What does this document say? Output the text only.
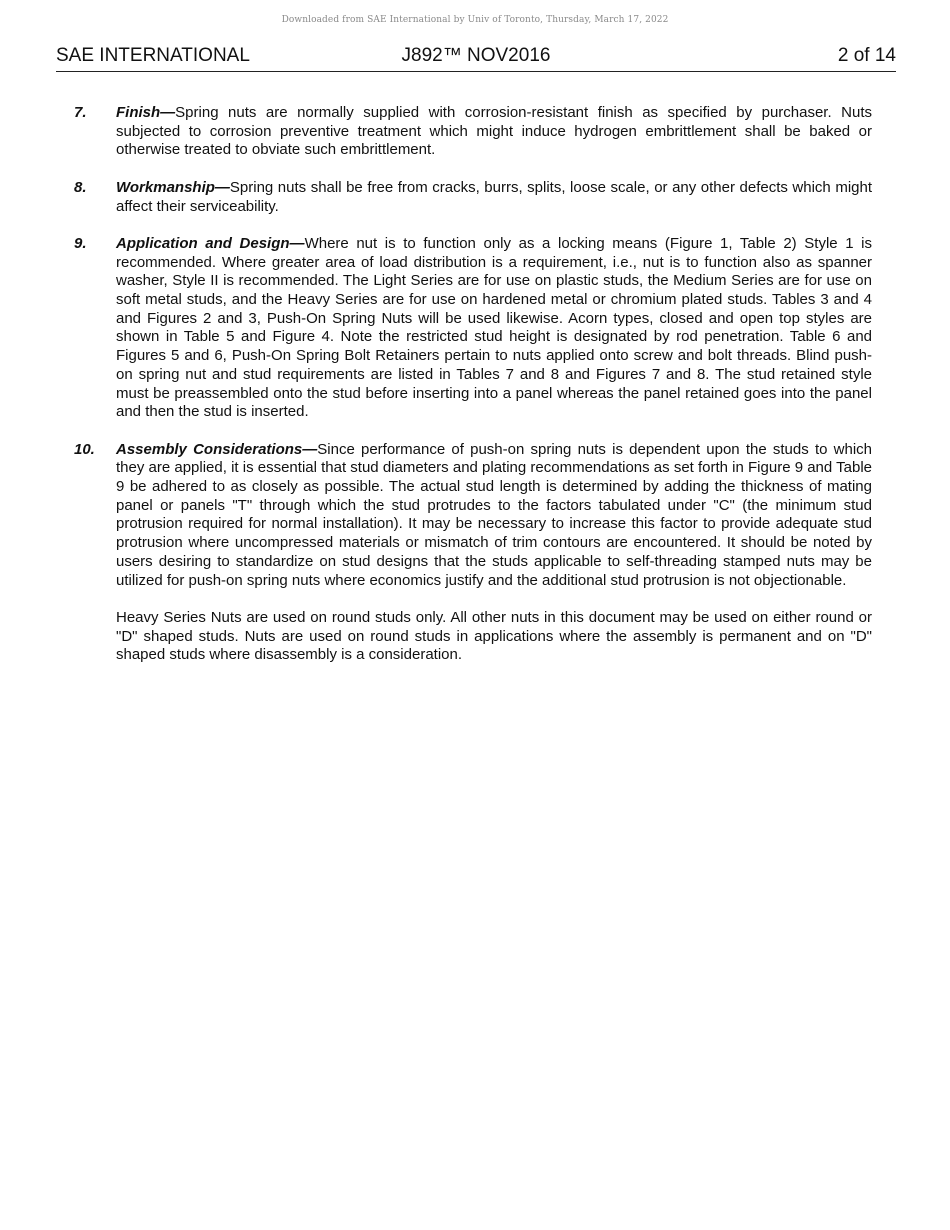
Downloaded from SAE International by Univ of Toronto, Thursday, March 17, 2022
SAE INTERNATIONAL	J892™ NOV2016	2 of 14
7. Finish—Spring nuts are normally supplied with corrosion-resistant finish as specified by purchaser. Nuts subjected to corrosion preventive treatment which might induce hydrogen embrittlement shall be baked or otherwise treated to obviate such embrittlement.

8. Workmanship—Spring nuts shall be free from cracks, burrs, splits, loose scale, or any other defects which might affect their serviceability.

9. Application and Design—Where nut is to function only as a locking means (Figure 1, Table 2) Style 1 is recommended. Where greater area of load distribution is a requirement, i.e., nut is to function also as spanner washer, Style II is recommended. The Light Series are for use on plastic studs, the Medium Series are for use on soft metal studs, and the Heavy Series are for use on hardened metal or chromium plated studs. Tables 3 and 4 and Figures 2 and 3, Push-On Spring Nuts will be used likewise. Acorn types, closed and open top styles are shown in Table 5 and Figure 4. Note the restricted stud height is designated by rod penetration. Table 6 and Figures 5 and 6, Push-On Spring Bolt Retainers pertain to nuts applied onto screw and bolt threads. Blind push-on spring nut and stud requirements are listed in Tables 7 and 8 and Figures 7 and 8. The stud retained style must be preassembled onto the stud before inserting into a panel whereas the panel retained goes into the panel and then the stud is inserted.

10. Assembly Considerations—Since performance of push-on spring nuts is dependent upon the studs to which they are applied, it is essential that stud diameters and plating recommendations as set forth in Figure 9 and Table 9 be adhered to as closely as possible. The actual stud length is determined by adding the thickness of mating panel or panels "T" through which the stud protrudes to the factors tabulated under "C" (the minimum stud protrusion required for normal installation). It may be necessary to increase this factor to provide adequate stud protrusion where uncompressed materials or mismatch of trim contours are encountered. It should be noted by users desiring to standardize on stud designs that the studs applicable to self-threading stamped nuts may be utilized for push-on spring nuts where economics justify and the additional stud protrusion is not objectionable.

Heavy Series Nuts are used on round studs only. All other nuts in this document may be used on either round or "D" shaped studs. Nuts are used on round studs in applications where the assembly is permanent and on "D" shaped studs where disassembly is a consideration.
